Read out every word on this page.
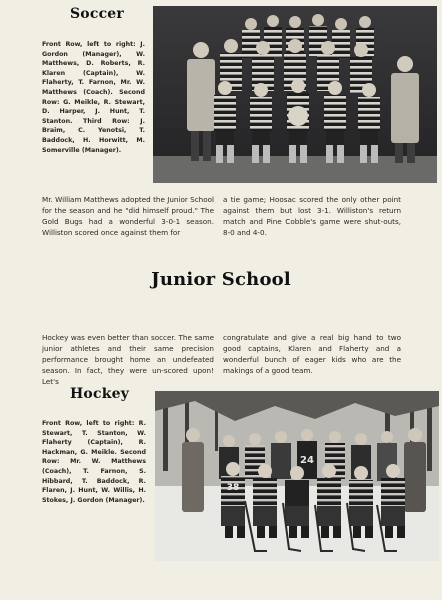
Soccer
Front Row, left to right: J. Gordon (Manager), W. Matthews, D. Roberts, R. Klaren (Captain), W. Flaherty, T. Farnon, Mr. W. Matthews (Coach). Second Row: G. Meikle, R. Stewart, D. Harper, J. Hunt, T. Stanton. Third Row: J. Braim, C. Yenotsi, T. Baddock, H. Horwitt, M. Somerville (Manager).
Mr. William Matthews adopted the Junior School for the season and he "did himself proud." The Gold Bugs had a wonderful 3-0-1 season. Williston scored once against them for
a tie game; Hoosac scored the only other point against them but lost 3-1. Williston's return match and Pine Cobble's game were shut-outs, 8-0 and 4-0.
Junior School
Hockey was even better than soccer. The same junior athletes and their same precision performance brought home an undefeated season. In fact, they were un-scored upon! Let's
congratulate and give a real big hand to two good captains, Klaren and Flaherty and a wonderful bunch of eager kids who are the makings of a good team.
Hockey
Front Row, left to right: R. Stewart, T. Stanton, W. Flaherty (Captain), R. Hackman, G. Meikle. Second Row: Mr. W. Matthews (Coach), T. Farnon, S. Hibbard, T. Baddock, R. Flaren, J. Hunt, W. Willis, H. Stokes, J. Gordon (Manager).
24
38
